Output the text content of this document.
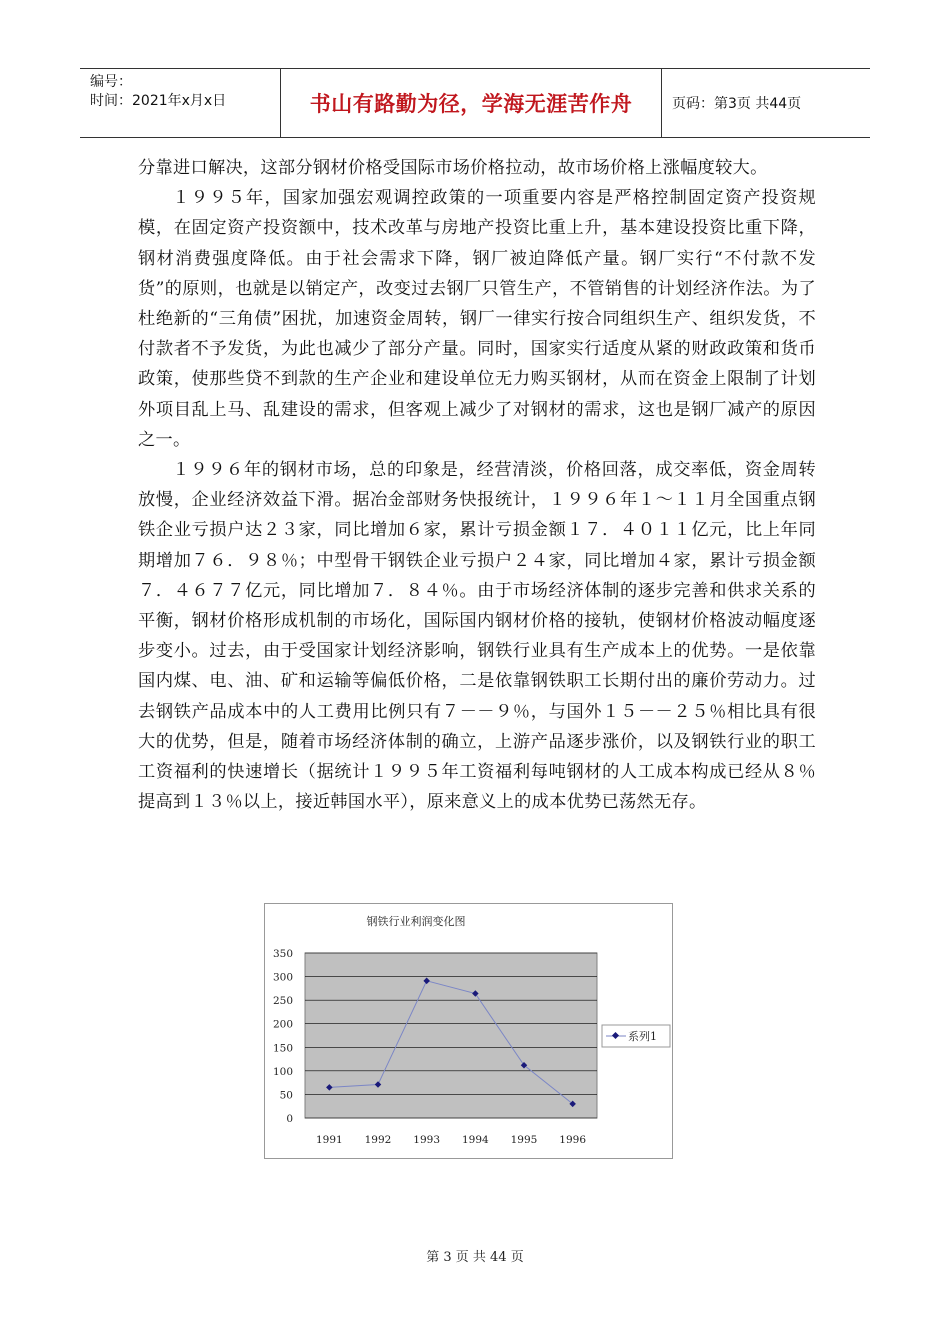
编号：
时间：2021年x月x日	书山有路勤为径，学海无涯苦作舟	页码：第3页 共44页

分靠进口解决，这部分钢材价格受国际市场价格拉动，故市场价格上涨幅度较大。

１９９５年，国家加强宏观调控政策的一项重要内容是严格控制固定资产投资规模，在固定资产投资额中，技术改革与房地产投资比重上升，基本建设投资比重下降，钢材消费强度降低。由于社会需求下降，钢厂被迫降低产量。钢厂实行“不付款不发货”的原则，也就是以销定产，改变过去钢厂只管生产，不管销售的计划经济作法。为了杜绝新的“三角债”困扰，加速资金周转，钢厂一律实行按合同组织生产、组织发货，不付款者不予发货，为此也减少了部分产量。同时，国家实行适度从紧的财政政策和货币政策，使那些贷不到款的生产企业和建设单位无力购买钢材，从而在资金上限制了计划外项目乱上马、乱建设的需求，但客观上减少了对钢材的需求，这也是钢厂减产的原因之一。

１９９６年的钢材市场，总的印象是，经营清淡，价格回落，成交率低，资金周转放慢，企业经济效益下滑。据冶金部财务快报统计，１９９６年１～１１月全国重点钢铁企业亏损户达２３家，同比增加６家，累计亏损金额１７．４０１１亿元，比上年同期增加７６．９８％；中型骨干钢铁企业亏损户２４家，同比增加４家，累计亏损金额７．４６７７亿元，同比增加７．８４％。由于市场经济体制的逐步完善和供求关系的平衡，钢材价格形成机制的市场化，国际国内钢材价格的接轨，使钢材价格波动幅度逐步变小。过去，由于受国家计划经济影响，钢铁行业具有生产成本上的优势。一是依靠国内煤、电、油、矿和运输等偏低价格，二是依靠钢铁职工长期付出的廉价劳动力。过去钢铁产品成本中的人工费用比例只有７－－９％，与国外１５－－２５％相比具有很大的优势，但是，随着市场经济体制的确立，上游产品逐步涨价，以及钢铁行业的职工工资福利的快速增长（据统计１９９５年工资福利每吨钢材的人工成本构成已经从８％提高到１３％以上，接近韩国水平），原来意义上的成本优势已荡然无存。

钢铁行业利润变化图
0
50
100
150
200
250
300
350
1991 1992 1993 1994 1995 1996
系列1
第 3 页 共 44 页
